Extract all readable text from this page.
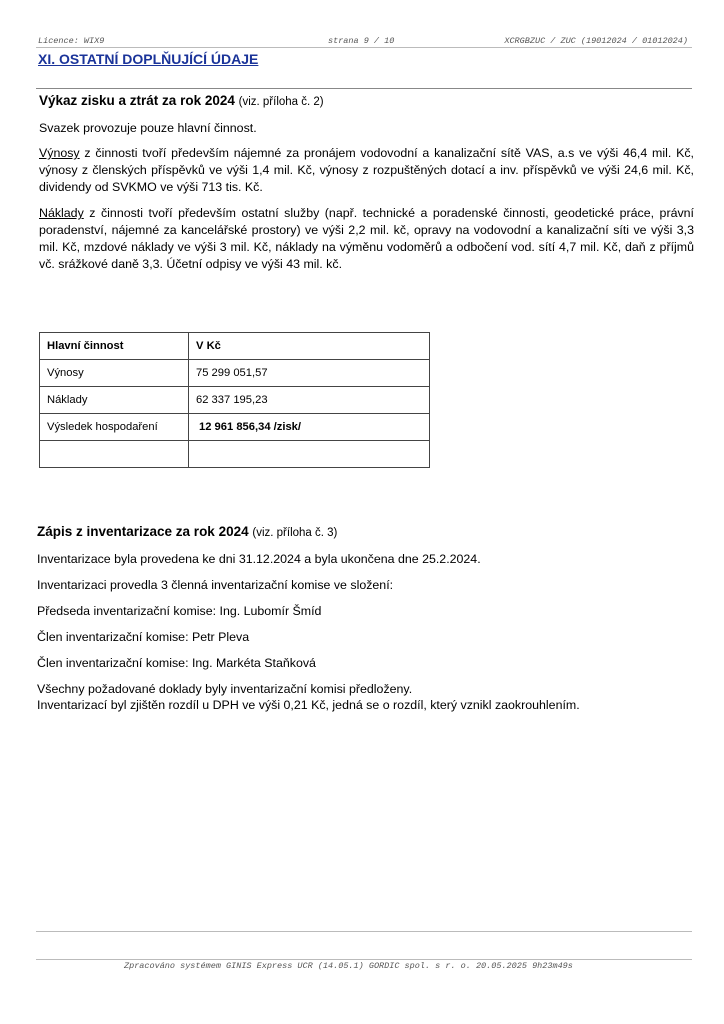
Licence: WIX9	strana 9 / 10	XCRGBZUC / ZUC (19012024 / 01012024)
XI. OSTATNÍ DOPLŇUJÍCÍ ÚDAJE
Výkaz zisku a ztrát za rok 2024 (viz. příloha č. 2)
Svazek provozuje pouze hlavní činnost.
Výnosy z činnosti tvoří především nájemné za pronájem vodovodní a kanalizační sítě VAS, a.s ve výši 46,4 mil. Kč, výnosy z členských příspěvků ve výši 1,4 mil. Kč, výnosy z rozpuštěných dotací a inv. příspěvků ve výši 24,6 mil. Kč, dividendy od SVKMO ve výši 713 tis. Kč.
Náklady z činnosti tvoří především ostatní služby (např. technické a poradenské činnosti, geodetické práce, právní poradenství, nájemné za kancelářské prostory) ve výši 2,2 mil. kč, opravy na vodovodní a kanalizační síti ve výši 3,3 mil. Kč, mzdové náklady ve výši 3 mil. Kč, náklady na výměnu vodoměrů a odbočení vod. sítí 4,7 mil. Kč, daň z příjmů vč. srážkové daně 3,3. Účetní odpisy ve výši 43 mil. kč.
Hlavní činnost	V Kč
Výnosy	75 299 051,57
Náklady	62 337 195,23
Výsledek hospodaření	12 961 856,34 /zisk/

Zápis z inventarizace za rok 2024 (viz. příloha č. 3)
Inventarizace byla provedena ke dni 31.12.2024 a byla ukončena dne 25.2.2024.
Inventarizaci provedla 3 členná inventarizační komise ve složení:
Předseda inventarizační komise: Ing. Lubomír Šmíd
Člen inventarizační komise: Petr Pleva
Člen inventarizační komise: Ing. Markéta Staňková
Všechny požadované doklady byly inventarizační komisi předloženy.
Inventarizací byl zjištěn rozdíl u DPH ve výši 0,21 Kč, jedná se o rozdíl, který vznikl zaokrouhlením.
Zpracováno systémem GINIS Express UCR (14.05.1) GORDIC spol. s r. o. 20.05.2025 9h23m49s
